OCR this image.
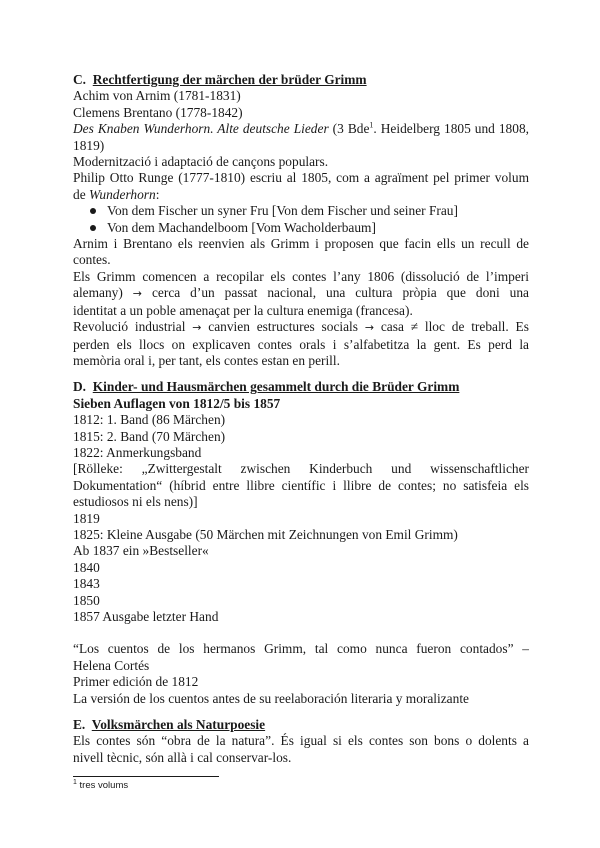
C. Rechtfertigung der märchen der brüder Grimm

Achim von Arnim (1781-1831)

Clemens Brentano (1778-1842)

Des Knaben Wunderhorn. Alte deutsche Lieder (3 Bde$^1$. Heidelberg 1805 und 1808,

1819)

Modernització i adaptació de cançons populars.

Philip Otto Runge (1777-1810) escriu al 1805, com a agraïment pel primer volum

de Wunderhorn:

Von dem Fischer un syner Fru [Von dem Fischer und seiner Frau]
Von dem Machandelboom [Vom Wacholderbaum]

Arnim i Brentano els reenvien als Grimm i proposen que facin ells un recull de

contes.

Els Grimm comencen a recopilar els contes l’any 1806 (dissolució de l’imperi

alemany) → cerca d’un passat nacional, una cultura pròpia que doni una

identitat a un poble amenaçat per la cultura enemiga (francesa).

Revolució industrial → canvien estructures socials → casa ≠ lloc de treball. Es

perden els llocs on explicaven contes orals i s’alfabetitza la gent. Es perd la

memòria oral i, per tant, els contes estan en perill.

D. Kinder- und Hausmärchen gesammelt durch die Brüder Grimm

Sieben Auflagen von 1812/5 bis 1857

1812: 1. Band (86 Märchen)

1815: 2. Band (70 Märchen)

1822: Anmerkungsband

[Rölleke: „Zwittergestalt zwischen Kinderbuch und wissenschaftlicher

Dokumentation“ (híbrid entre llibre científic i llibre de contes; no satisfeia els

estudiosos ni els nens)]

1819

1825: Kleine Ausgabe (50 Märchen mit Zeichnungen von Emil Grimm)

Ab 1837 ein »Bestseller«

1840

1843

1850

1857 Ausgabe letzter Hand

“Los cuentos de los hermanos Grimm, tal como nunca fueron contados” –

Helena Cortés

Primer edición de 1812

La versión de los cuentos antes de su reelaboración literaria y moralizante

E. Volksmärchen als Naturpoesie

Els contes són “obra de la natura”. És igual si els contes son bons o dolents a

nivell tècnic, són allà i cal conservar-los.

$^1$ tres volums
